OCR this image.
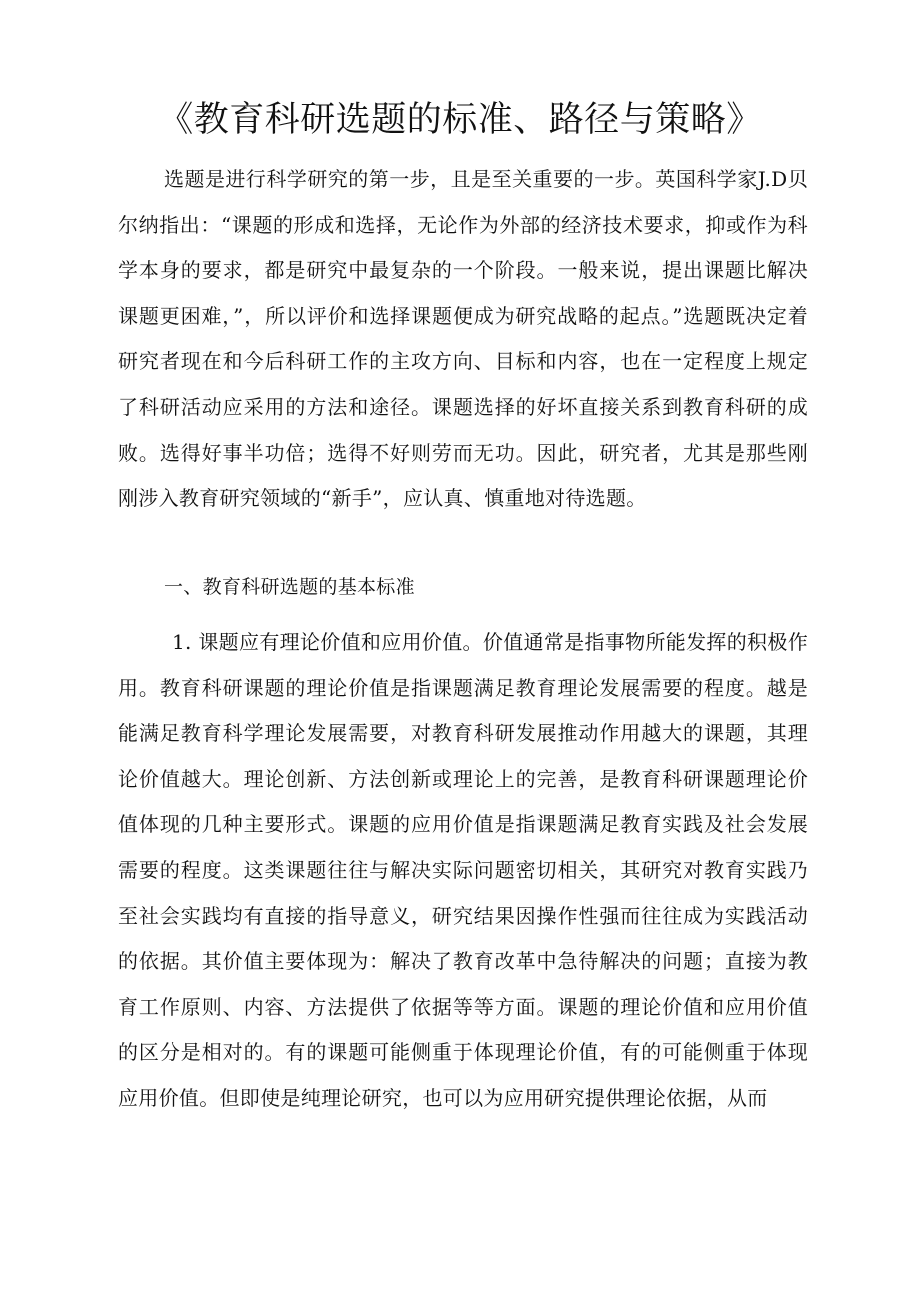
《教育科研选题的标准、路径与策略》

选题是进行科学研究的第一步，且是至关重要的一步。英国科学家J.D贝尔纳指出：“课题的形成和选择，无论作为外部的经济技术要求，抑或作为科学本身的要求，都是研究中最复杂的一个阶段。一般来说，提出课题比解决课题更困难，”，所以评价和选择课题便成为研究战略的起点。”选题既决定着研究者现在和今后科研工作的主攻方向、目标和内容，也在一定程度上规定了科研活动应采用的方法和途径。课题选择的好坏直接关系到教育科研的成败。选得好事半功倍；选得不好则劳而无功。因此，研究者，尤其是那些刚刚涉入教育研究领域的“新手”，应认真、慎重地对待选题。

一、教育科研选题的基本标准

1. 课题应有理论价值和应用价值。价值通常是指事物所能发挥的积极作用。教育科研课题的理论价值是指课题满足教育理论发展需要的程度。越是能满足教育科学理论发展需要，对教育科研发展推动作用越大的课题，其理论价值越大。理论创新、方法创新或理论上的完善，是教育科研课题理论价值体现的几种主要形式。课题的应用价值是指课题满足教育实践及社会发展需要的程度。这类课题往往与解决实际问题密切相关，其研究对教育实践乃至社会实践均有直接的指导意义，研究结果因操作性强而往往成为实践活动的依据。其价值主要体现为：解决了教育改革中急待解决的问题；直接为教育工作原则、内容、方法提供了依据等等方面。课题的理论价值和应用价值的区分是相对的。有的课题可能侧重于体现理论价值，有的可能侧重于体现应用价值。但即使是纯理论研究，也可以为应用研究提供理论依据，从而
